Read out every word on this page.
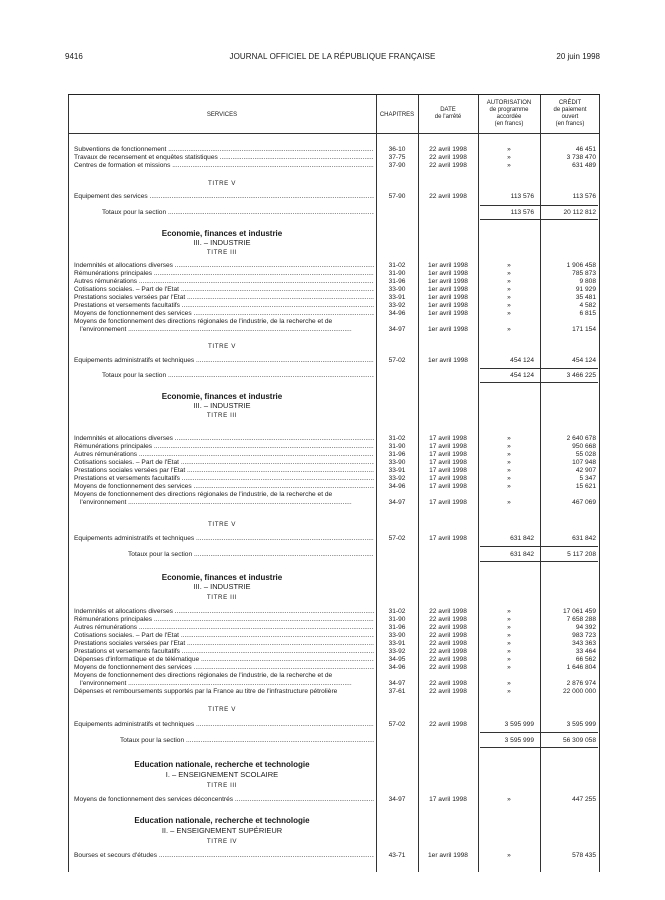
9416	JOURNAL OFFICIEL DE LA RÉPUBLIQUE FRANÇAISE	20 juin 1998
SERVICES	CHAPITRES
DATE
de l'arrêté
AUTORISATION
de programme
accordée
(en francs)
CRÉDIT
de paiement
ouvert
(en francs)
Subventions de fonctionnement .....	36-10	22 avril 1998	»	46 451
Travaux de recensement et enquêtes statistiques .....	37-75	22 avril 1998	»	3 738 470
Centres de formation et missions .....	37-90	22 avril 1998	»	631 489
TITRE V
Equipement des services .....	57-90	22 avril 1998	113 576	113 576
Totaux pour la section .....	113 576	20 112 812
Economie, finances et industrie
III. – INDUSTRIE
TITRE III
Indemnités et allocations diverses .....	31-02	1er avril 1998	»	1 906 458
Rémunérations principales .....	31-90	1er avril 1998	»	785 873
Autres rémunérations .....	31-96	1er avril 1998	»	9 808
Cotisations sociales. – Part de l'Etat .....	33-90	1er avril 1998	»	91 929
Prestations sociales versées par l'Etat .....	33-91	1er avril 1998	»	35 481
Prestations et versements facultatifs .....	33-92	1er avril 1998	»	4 582
Moyens de fonctionnement des services .....	34-96	1er avril 1998	»	6 815
Moyens de fonctionnement des directions régionales de l'industrie, de la recherche et de
l'environnement .....	34-97	1er avril 1998	»	171 154
TITRE V
Equipements administratifs et techniques .....	57-02	1er avril 1998	454 124	454 124
Totaux pour la section .....	454 124	3 466 225
Economie, finances et industrie
III. – INDUSTRIE
TITRE III
Indemnités et allocations diverses .....	31-02	17 avril 1998	»	2 640 678
Rémunérations principales .....	31-90	17 avril 1998	»	950 668
Autres rémunérations .....	31-96	17 avril 1998	»	55 028
Cotisations sociales. – Part de l'Etat .....	33-90	17 avril 1998	»	107 948
Prestations sociales versées par l'Etat .....	33-91	17 avril 1998	»	42 907
Prestations et versements facultatifs .....	33-92	17 avril 1998	»	5 347
Moyens de fonctionnement des services .....	34-96	17 avril 1998	»	15 621
Moyens de fonctionnement des directions régionales de l'industrie, de la recherche et de
l'environnement .....	34-97	17 avril 1998	»	467 069
TITRE V
Equipements administratifs et techniques .....	57-02	17 avril 1998	631 842	631 842
Totaux pour la section .....	631 842	5 117 208
Economie, finances et industrie
III. – INDUSTRIE
TITRE III
Indemnités et allocations diverses .....	31-02	22 avril 1998	»	17 061 459
Rémunérations principales .....	31-90	22 avril 1998	»	7 658 288
Autres rémunérations .....	31-96	22 avril 1998	»	94 392
Cotisations sociales. – Part de l'Etat .....	33-90	22 avril 1998	»	983 723
Prestations sociales versées par l'Etat .....	33-91	22 avril 1998	»	343 363
Prestations et versements facultatifs .....	33-92	22 avril 1998	»	33 464
Dépenses d'informatique et de télématique .....	34-95	22 avril 1998	»	66 562
Moyens de fonctionnement des services .....	34-96	22 avril 1998	»	1 646 804
Moyens de fonctionnement des directions régionales de l'industrie, de la recherche et de
l'environnement .....	34-97	22 avril 1998	»	2 876 974
Dépenses et remboursements supportés par la France au titre de l'infrastructure pétrolière	37-61	22 avril 1998	»	22 000 000
TITRE V
Equipements administratifs et techniques .....	57-02	22 avril 1998	3 595 999	3 595 999
Totaux pour la section .....	3 595 999	56 309 058
Education nationale, recherche et technologie
I. – ENSEIGNEMENT SCOLAIRE
TITRE III
Moyens de fonctionnement des services déconcentrés .....	34-97	17 avril 1998	»	447 255
Education nationale, recherche et technologie
II. – ENSEIGNEMENT SUPÉRIEUR
TITRE IV
Bourses et secours d'études .....	43-71	1er avril 1998	»	578 435
